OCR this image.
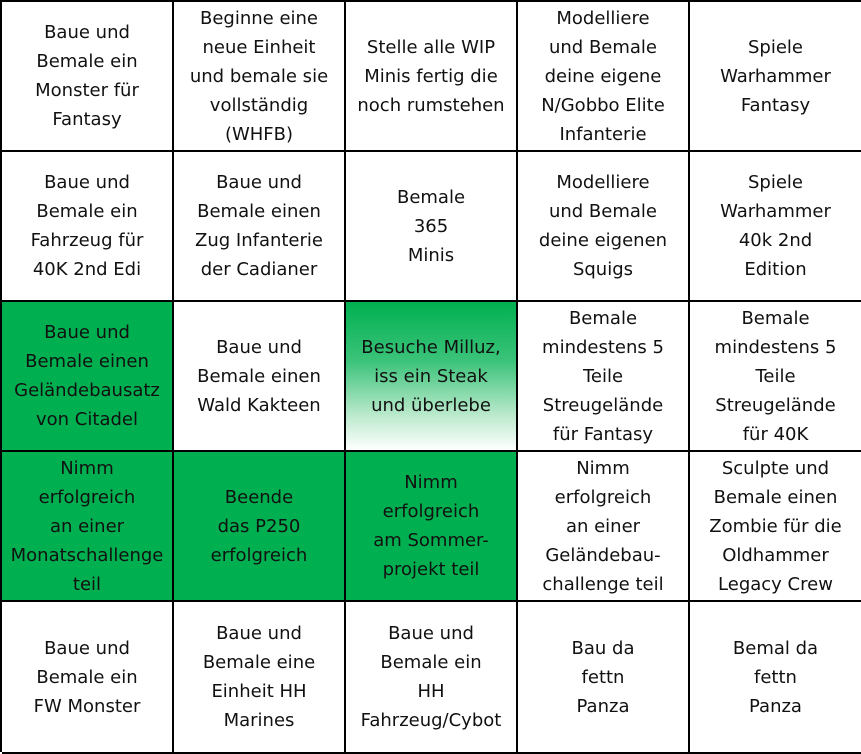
Baue und
Bemale ein
Monster für
Fantasy
Beginne eine
neue Einheit
und bemale sie
vollständig
(WHFB)
Stelle alle WIP
Minis fertig die
noch rumstehen
Modelliere
und Bemale
deine eigene
N/Gobbo Elite
Infanterie
Spiele
Warhammer
Fantasy
Baue und
Bemale ein
Fahrzeug für
40K 2nd Edi
Baue und
Bemale einen
Zug Infanterie
der Cadianer
Bemale
365
Minis
Modelliere
und Bemale
deine eigenen
Squigs
Spiele
Warhammer
40k 2nd
Edition
Baue und
Bemale einen
Geländebausatz
von Citadel
Baue und
Bemale einen
Wald Kakteen
Besuche Milluz,
iss ein Steak
und überlebe
Bemale
mindestens 5
Teile
Streugelände
für Fantasy
Bemale
mindestens 5
Teile
Streugelände
für 40K
Nimm
erfolgreich
an einer
Monatschallenge
teil
Beende
das P250
erfolgreich
Nimm
erfolgreich
am Sommer-
projekt teil
Nimm
erfolgreich
an einer
Geländebau-
challenge teil
Sculpte und
Bemale einen
Zombie für die
Oldhammer
Legacy Crew
Baue und
Bemale ein
FW Monster
Baue und
Bemale eine
Einheit HH
Marines
Baue und
Bemale ein
HH
Fahrzeug/Cybot
Bau da
fettn
Panza
Bemal da
fettn
Panza
